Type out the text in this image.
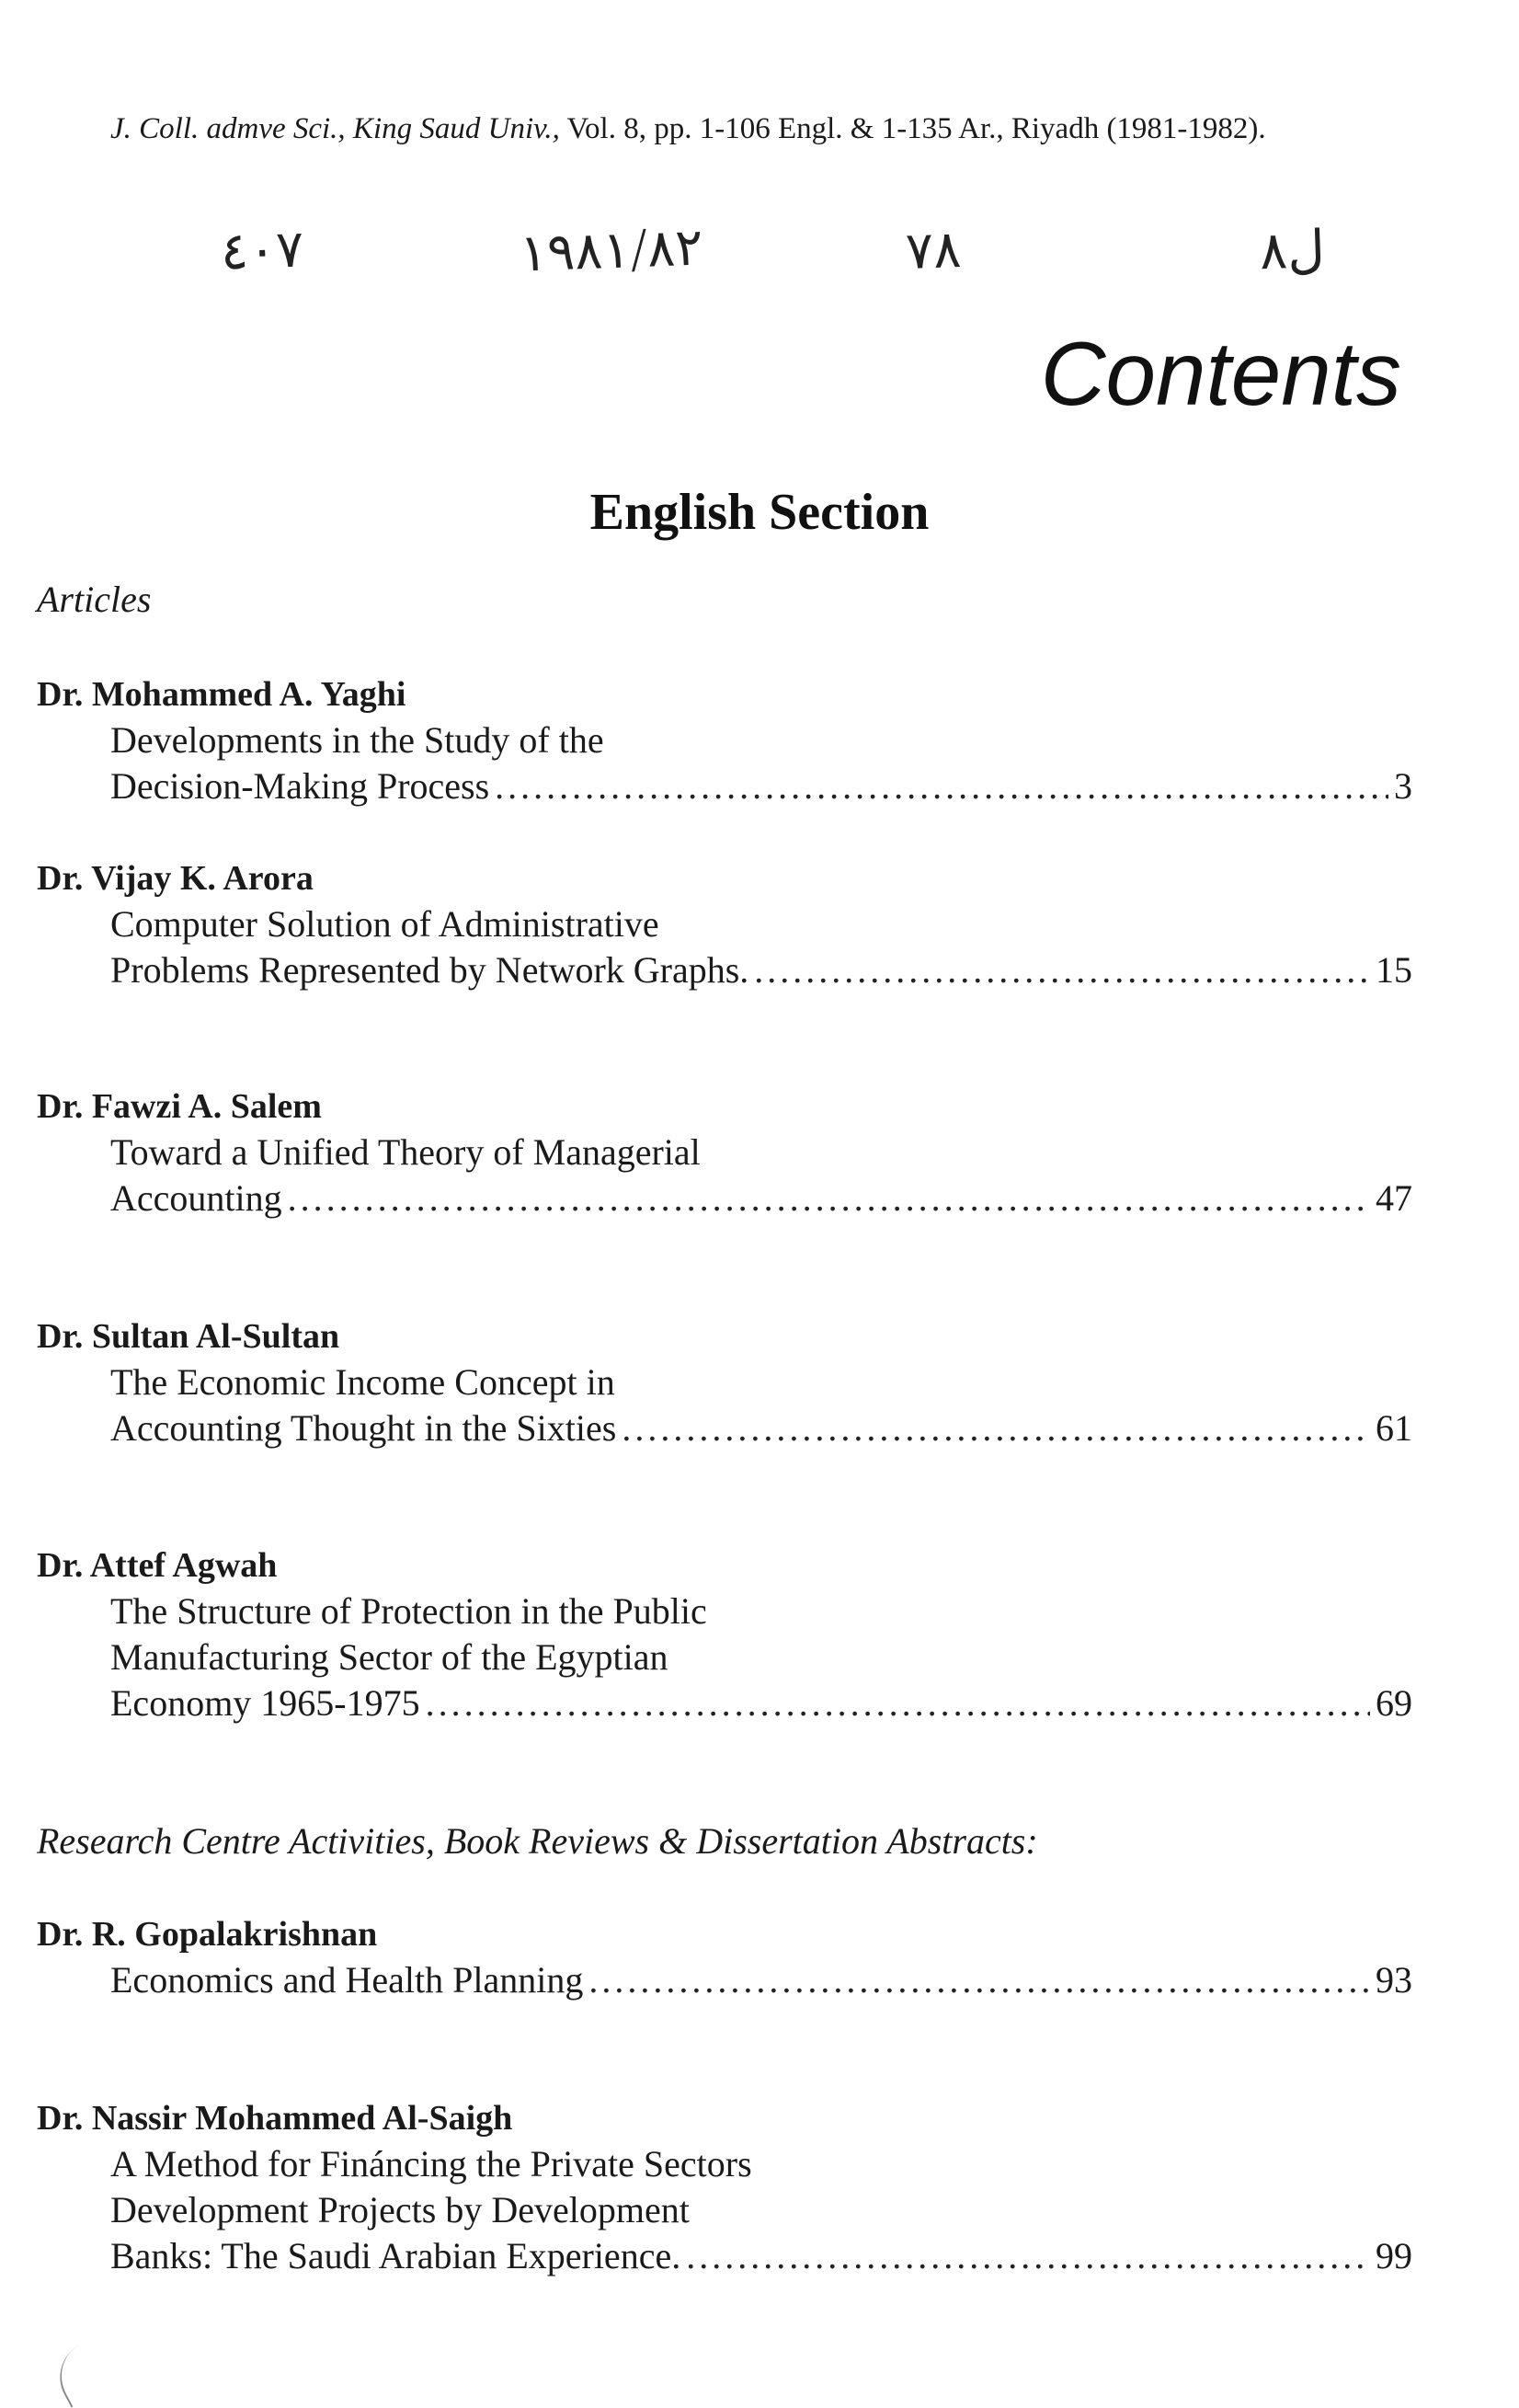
J. Coll. admve Sci., King Saud Univ., Vol. 8, pp. 1-106 Engl. & 1-135 Ar., Riyadh (1981-1982).
٤٠٧	١٩٨١/٨٢	٧٨	ل٨
Contents
English Section
Articles
Dr. Mohammed A. Yaghi
Developments in the Study of the
Decision-Making Process .....	3
Dr. Vijay K. Arora
Computer Solution of Administrative
Problems Represented by Network Graphs. .....	15
Dr. Fawzi A. Salem
Toward a Unified Theory of Managerial
Accounting .....	47
Dr. Sultan Al-Sultan
The Economic Income Concept in
Accounting Thought in the Sixties .....	61
Dr. Attef Agwah
The Structure of Protection in the Public
Manufacturing Sector of the Egyptian
Economy 1965-1975 .....	69
Research Centre Activities, Book Reviews & Dissertation Abstracts:
Dr. R. Gopalakrishnan
Economics and Health Planning .....	93
Dr. Nassir Mohammed Al-Saigh
A Method for Fináncing the Private Sectors
Development Projects by Development
Banks: The Saudi Arabian Experience. .....	99
